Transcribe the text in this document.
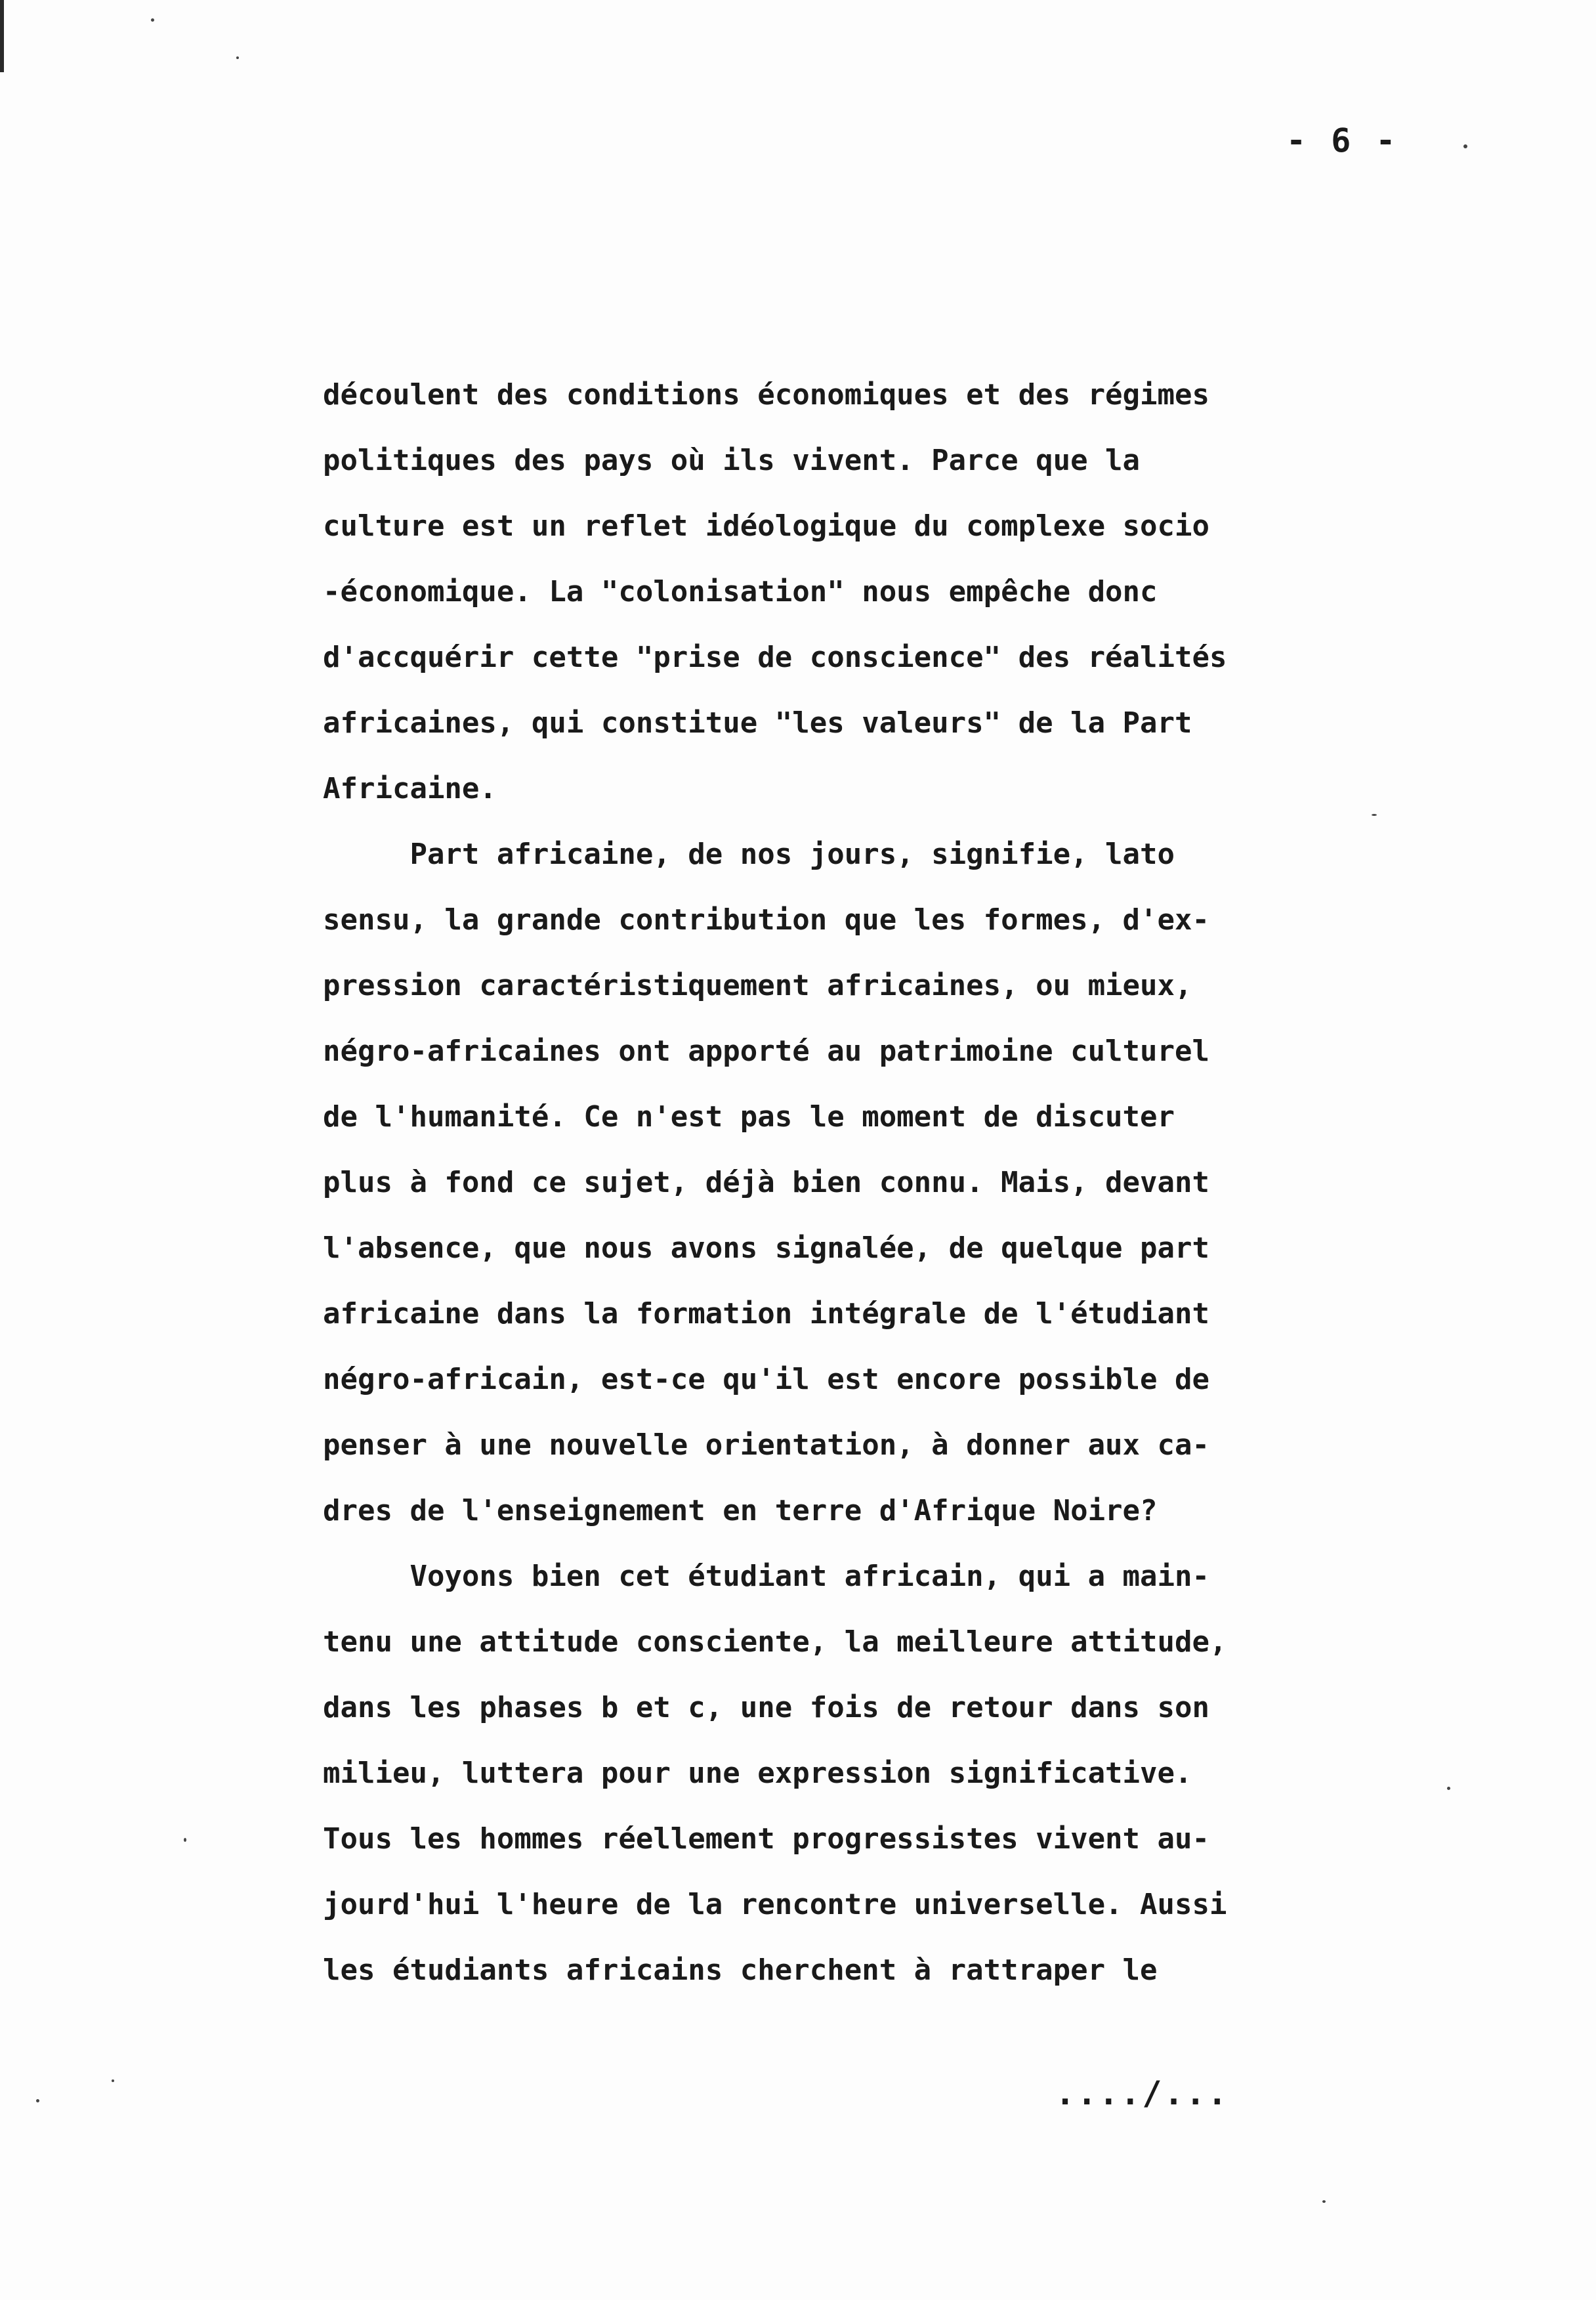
- 6 -
découlent des conditions économiques et des régimes
politiques des pays où ils vivent. Parce que la
culture est un reflet idéologique du complexe socio
-économique. La "colonisation" nous empêche donc
d'accquérir cette "prise de conscience" des réalités
africaines, qui constitue "les valeurs" de la Part
Africaine.
Part africaine, de nos jours, signifie, lato
sensu, la grande contribution que les formes, d'ex-
pression caractéristiquement africaines, ou mieux,
négro-africaines ont apporté au patrimoine culturel
de l'humanité. Ce n'est pas le moment de discuter
plus à fond ce sujet, déjà bien connu. Mais, devant
l'absence, que nous avons signalée, de quelque part
africaine dans la formation intégrale de l'étudiant
négro-africain, est-ce qu'il est encore possible de
penser à une nouvelle orientation, à donner aux ca-
dres de l'enseignement en terre d'Afrique Noire?
Voyons bien cet étudiant africain, qui a main-
tenu une attitude consciente, la meilleure attitude,
dans les phases b et c, une fois de retour dans son
milieu, luttera pour une expression significative.
Tous les hommes réellement progressistes vivent au-
jourd'hui l'heure de la rencontre universelle. Aussi
les étudiants africains cherchent à rattraper le
..../...
